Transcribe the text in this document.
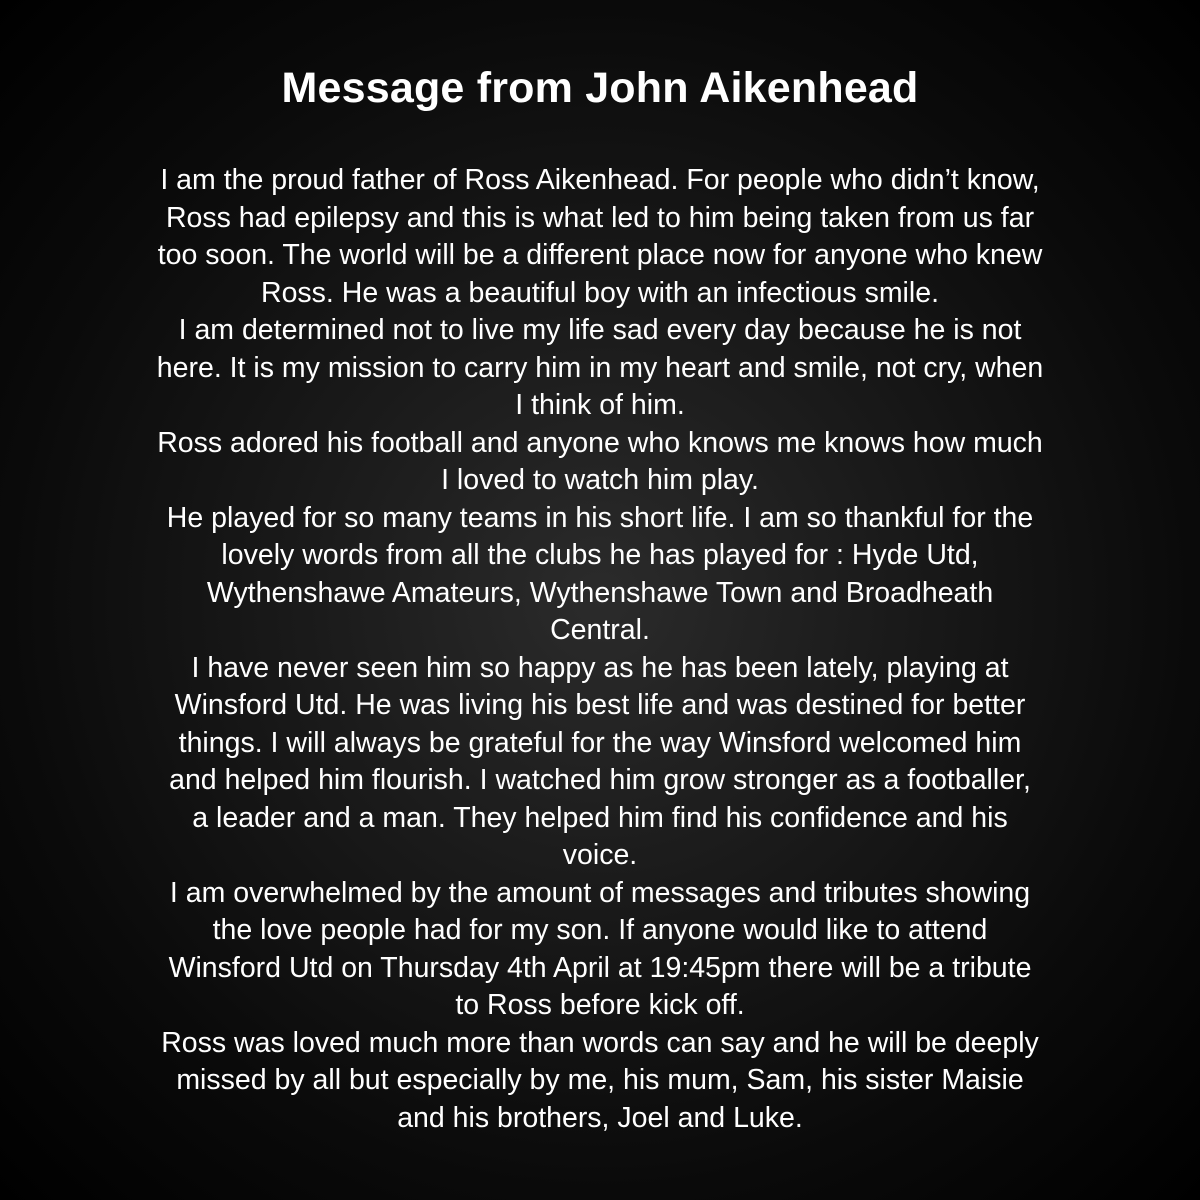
Message from John Aikenhead
I am the proud father of Ross Aikenhead. For people who didn’t know,
Ross had epilepsy and this is what led to him being taken from us far
too soon. The world will be a different place now for anyone who knew
Ross. He was a beautiful boy with an infectious smile.
I am determined not to live my life sad every day because he is not
here. It is my mission to carry him in my heart and smile, not cry, when
I think of him.
Ross adored his football and anyone who knows me knows how much
I loved to watch him play.
He played for so many teams in his short life. I am so thankful for the
lovely words from all the clubs he has played for : Hyde Utd,
Wythenshawe Amateurs, Wythenshawe Town and Broadheath
Central.
I have never seen him so happy as he has been lately, playing at
Winsford Utd. He was living his best life and was destined for better
things. I will always be grateful for the way Winsford welcomed him
and helped him flourish. I watched him grow stronger as a footballer,
a leader and a man. They helped him find his confidence and his
voice.
I am overwhelmed by the amount of messages and tributes showing
the love people had for my son. If anyone would like to attend
Winsford Utd on Thursday 4th April at 19:45pm there will be a tribute
to Ross before kick off.
Ross was loved much more than words can say and he will be deeply
missed by all but especially by me, his mum, Sam, his sister Maisie
and his brothers, Joel and Luke.
